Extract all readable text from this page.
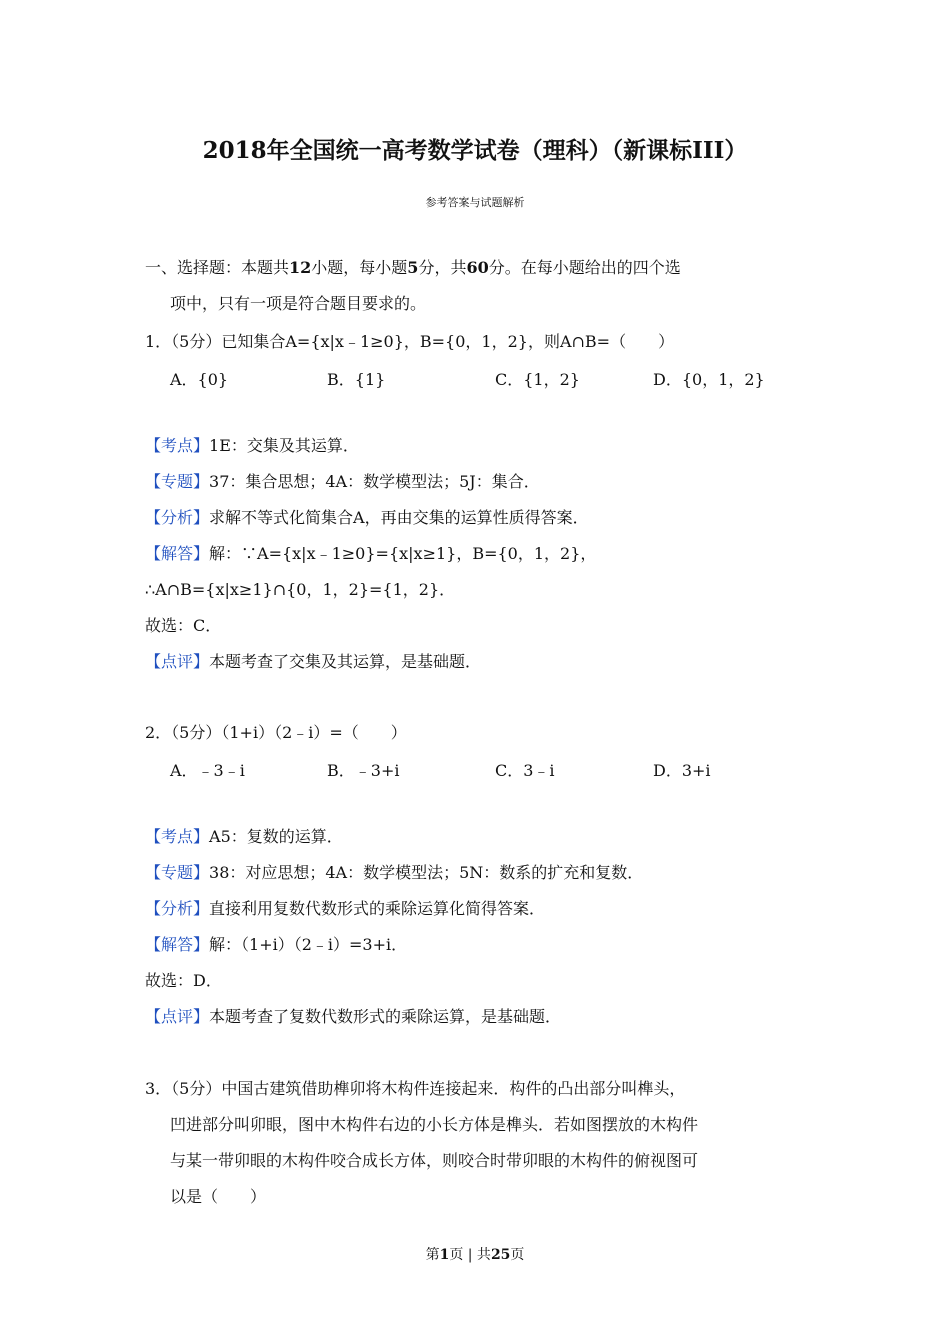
2018年全国统一高考数学试卷（理科）（新课标III）
参考答案与试题解析
一、选择题：本题共12小题，每小题5分，共60分。在每小题给出的四个选
项中，只有一项是符合题目要求的。
1．（5分）已知集合A={x|x﹣1≥0}，B={0，1，2}，则A∩B=（　　）
A．{0}	B．{1}	C．{1，2}	D．{0，1，2}
【考点】1E：交集及其运算．
【专题】37：集合思想；4A：数学模型法；5J：集合．
【分析】求解不等式化简集合A，再由交集的运算性质得答案．
【解答】解：∵A={x|x﹣1≥0}={x|x≥1}，B={0，1，2}，
∴A∩B={x|x≥1}∩{0，1，2}={1，2}．
故选：C．
【点评】本题考查了交集及其运算，是基础题．
2．（5分）（1+i）（2﹣i）=（　　）
A．﹣3﹣i	B．﹣3+i	C．3﹣i	D．3+i
【考点】A5：复数的运算．
【专题】38：对应思想；4A：数学模型法；5N：数系的扩充和复数．
【分析】直接利用复数代数形式的乘除运算化简得答案．
【解答】解：（1+i）（2﹣i）=3+i．
故选：D．
【点评】本题考查了复数代数形式的乘除运算，是基础题．
3．（5分）中国古建筑借助榫卯将木构件连接起来．构件的凸出部分叫榫头，
凹进部分叫卯眼，图中木构件右边的小长方体是榫头．若如图摆放的木构件
与某一带卯眼的木构件咬合成长方体，则咬合时带卯眼的木构件的俯视图可
以是（　　）
第1页 | 共25页
